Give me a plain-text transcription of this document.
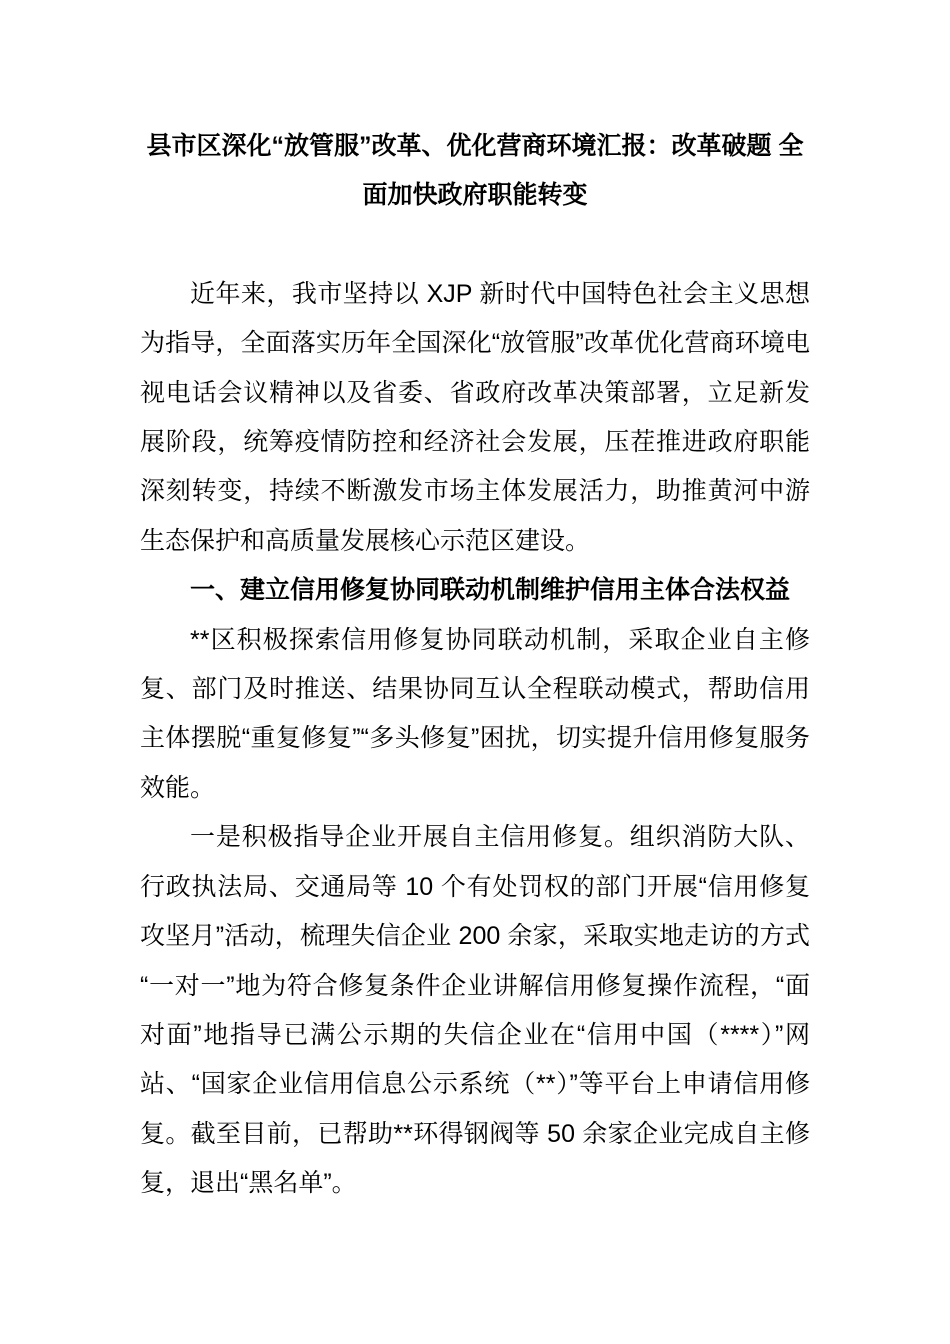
县市区深化“放管服”改革、优化营商环境汇报：改革破题 全
面加快政府职能转变

近年来，我市坚持以 XJP 新时代中国特色社会主义思想为指导，全面落实历年全国深化“放管服”改革优化营商环境电视电话会议精神以及省委、省政府改革决策部署，立足新发展阶段，统筹疫情防控和经济社会发展，压茬推进政府职能深刻转变，持续不断激发市场主体发展活力，助推黄河中游生态保护和高质量发展核心示范区建设。

一、建立信用修复协同联动机制维护信用主体合法权益

**区积极探索信用修复协同联动机制，采取企业自主修复、部门及时推送、结果协同互认全程联动模式，帮助信用主体摆脱“重复修复”“多头修复”困扰，切实提升信用修复服务效能。

一是积极指导企业开展自主信用修复。组织消防大队、行政执法局、交通局等 10 个有处罚权的部门开展“信用修复攻坚月”活动，梳理失信企业 200 余家，采取实地走访的方式“一对一”地为符合修复条件企业讲解信用修复操作流程，“面对面”地指导已满公示期的失信企业在“信用中国（****）”网站、“国家企业信用信息公示系统（**）”等平台上申请信用修复。截至目前，已帮助**环得钢阀等 50 余家企业完成自主修复，退出“黑名单”。
